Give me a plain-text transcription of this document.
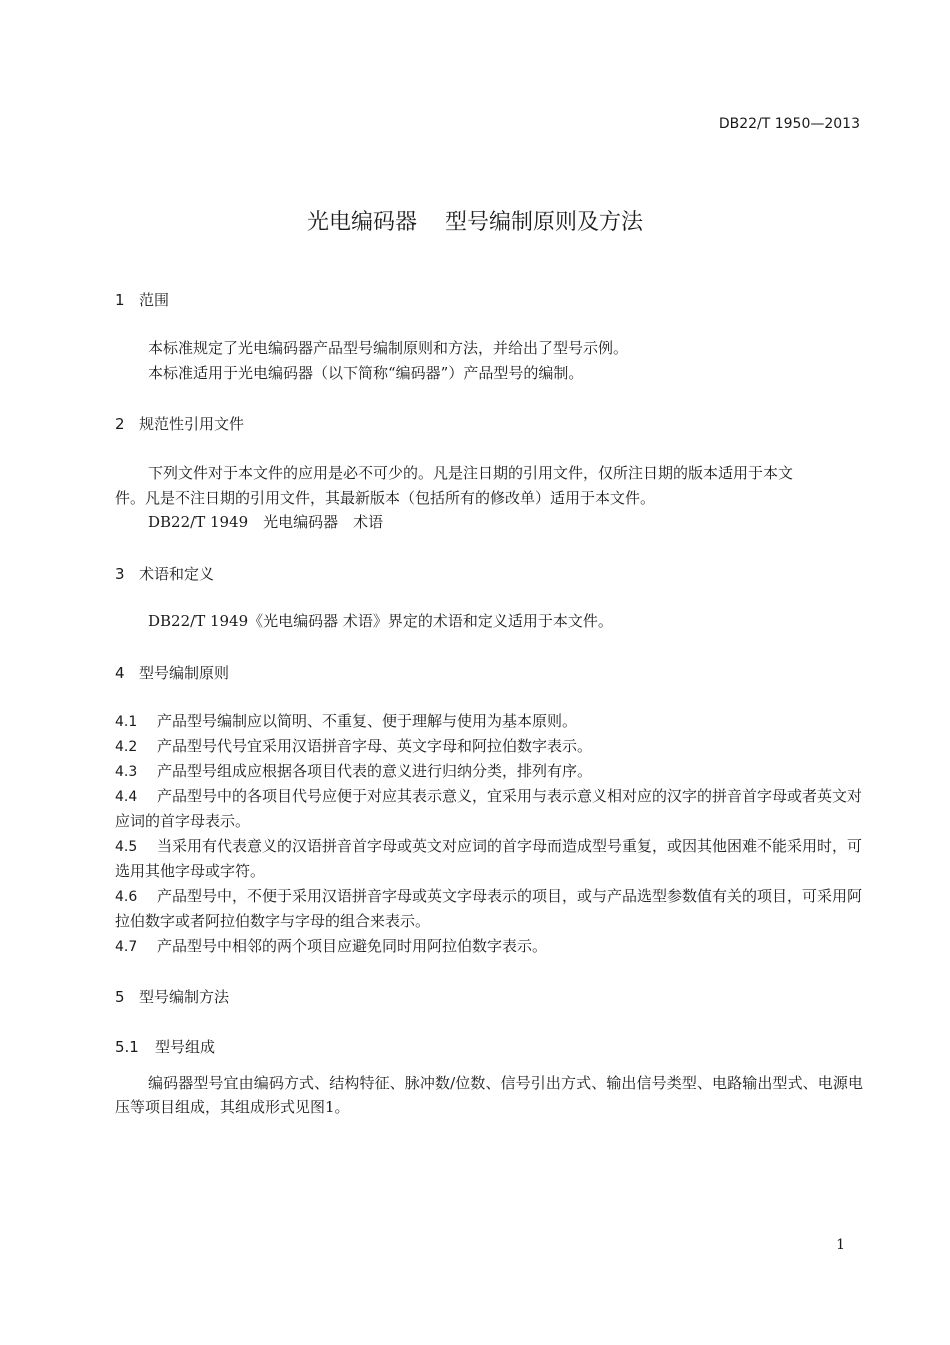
DB22/T 1950—2013
光电编码器 型号编制原则及方法
1 范围
本标准规定了光电编码器产品型号编制原则和方法，并给出了型号示例。
本标准适用于光电编码器（以下简称“编码器”）产品型号的编制。
2 规范性引用文件
下列文件对于本文件的应用是必不可少的。凡是注日期的引用文件，仅所注日期的版本适用于本文
件。凡是不注日期的引用文件，其最新版本（包括所有的修改单）适用于本文件。
DB22/T 1949　光电编码器　术语
3 术语和定义
DB22/T 1949《光电编码器 术语》界定的术语和定义适用于本文件。
4 型号编制原则
4.1 产品型号编制应以简明、不重复、便于理解与使用为基本原则。
4.2 产品型号代号宜采用汉语拼音字母、英文字母和阿拉伯数字表示。
4.3 产品型号组成应根据各项目代表的意义进行归纳分类，排列有序。
4.4 产品型号中的各项目代号应便于对应其表示意义，宜采用与表示意义相对应的汉字的拼音首字母或者英文对应词的首字母表示。
4.5 当采用有代表意义的汉语拼音首字母或英文对应词的首字母而造成型号重复，或因其他困难不能采用时，可选用其他字母或字符。
4.6 产品型号中，不便于采用汉语拼音字母或英文字母表示的项目，或与产品选型参数值有关的项目，可采用阿拉伯数字或者阿拉伯数字与字母的组合来表示。
4.7 产品型号中相邻的两个项目应避免同时用阿拉伯数字表示。
5 型号编制方法
5.1 型号组成
编码器型号宜由编码方式、结构特征、脉冲数/位数、信号引出方式、输出信号类型、电路输出型式、电源电压等项目组成，其组成形式见图1。
1
